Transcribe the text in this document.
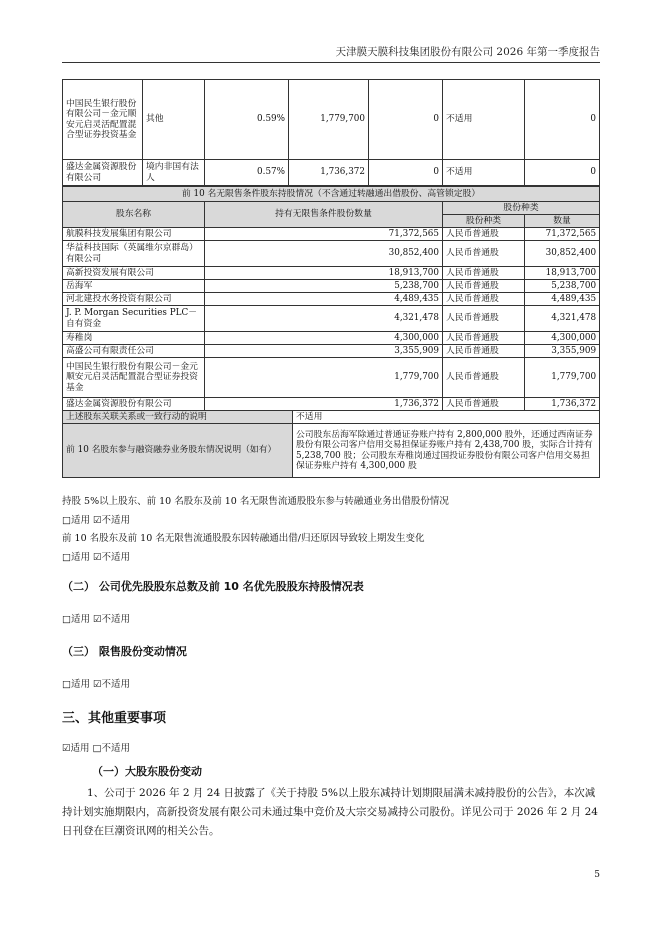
天津膜天膜科技集团股份有限公司 2026 年第一季度报告
中国民生银行股份有限公司－金元顺安元启灵活配置混合型证券投资基金	其他	0.59%	1,779,700	0	不适用	0
盛达金属资源股份有限公司	境内非国有法人	0.57%	1,736,372	0	不适用	0
前 10 名无限售条件股东持股情况（不含通过转融通出借股份、高管锁定股）				
股东名称	持有无限售条件股份数量		股份种类	
			股份种类	数量
航膜科技发展集团有限公司	71,372,565		人民币普通股	71,372,565
华益科技国际（英属维尔京群岛）有限公司	30,852,400		人民币普通股	30,852,400
高新投资发展有限公司	18,913,700		人民币普通股	18,913,700
岳海军	5,238,700		人民币普通股	5,238,700
河北建投水务投资有限公司	4,489,435		人民币普通股	4,489,435
J. P. Morgan Securities PLC－自有资金	4,321,478		人民币普通股	4,321,478
寿稚岗	4,300,000		人民币普通股	4,300,000
高盛公司有限责任公司	3,355,909		人民币普通股	3,355,909
中国民生银行股份有限公司－金元顺安元启灵活配置混合型证券投资基金	1,779,700		人民币普通股	1,779,700
盛达金属资源股份有限公司	1,736,372		人民币普通股	1,736,372
上述股东关联关系或一致行动的说明		不适用		
前 10 名股东参与融资融券业务股东情况说明（如有）		公司股东岳海军除通过普通证券账户持有 2,800,000 股外，还通过西南证券股份有限公司客户信用交易担保证券账户持有 2,438,700 股，实际合计持有 5,238,700 股；公司股东寿稚岗通过国投证券股份有限公司客户信用交易担保证券账户持有 4,300,000 股		
持股 5%以上股东、前 10 名股东及前 10 名无限售流通股股东参与转融通业务出借股份情况
□适用 ☑不适用
前 10 名股东及前 10 名无限售流通股股东因转融通出借/归还原因导致较上期发生变化
□适用 ☑不适用
（二） 公司优先股股东总数及前 10 名优先股股东持股情况表
□适用 ☑不适用
（三） 限售股份变动情况
□适用 ☑不适用
三、其他重要事项
☑适用 □不适用
（一）大股东股份变动
1、公司于 2026 年 2 月 24 日披露了《关于持股 5%以上股东减持计划期限届满未减持股份的公告》，本次减持计划实施期限内，高新投资发展有限公司未通过集中竞价及大宗交易减持公司股份。详见公司于 2026 年 2 月 24 日刊登在巨潮资讯网的相关公告。
5
